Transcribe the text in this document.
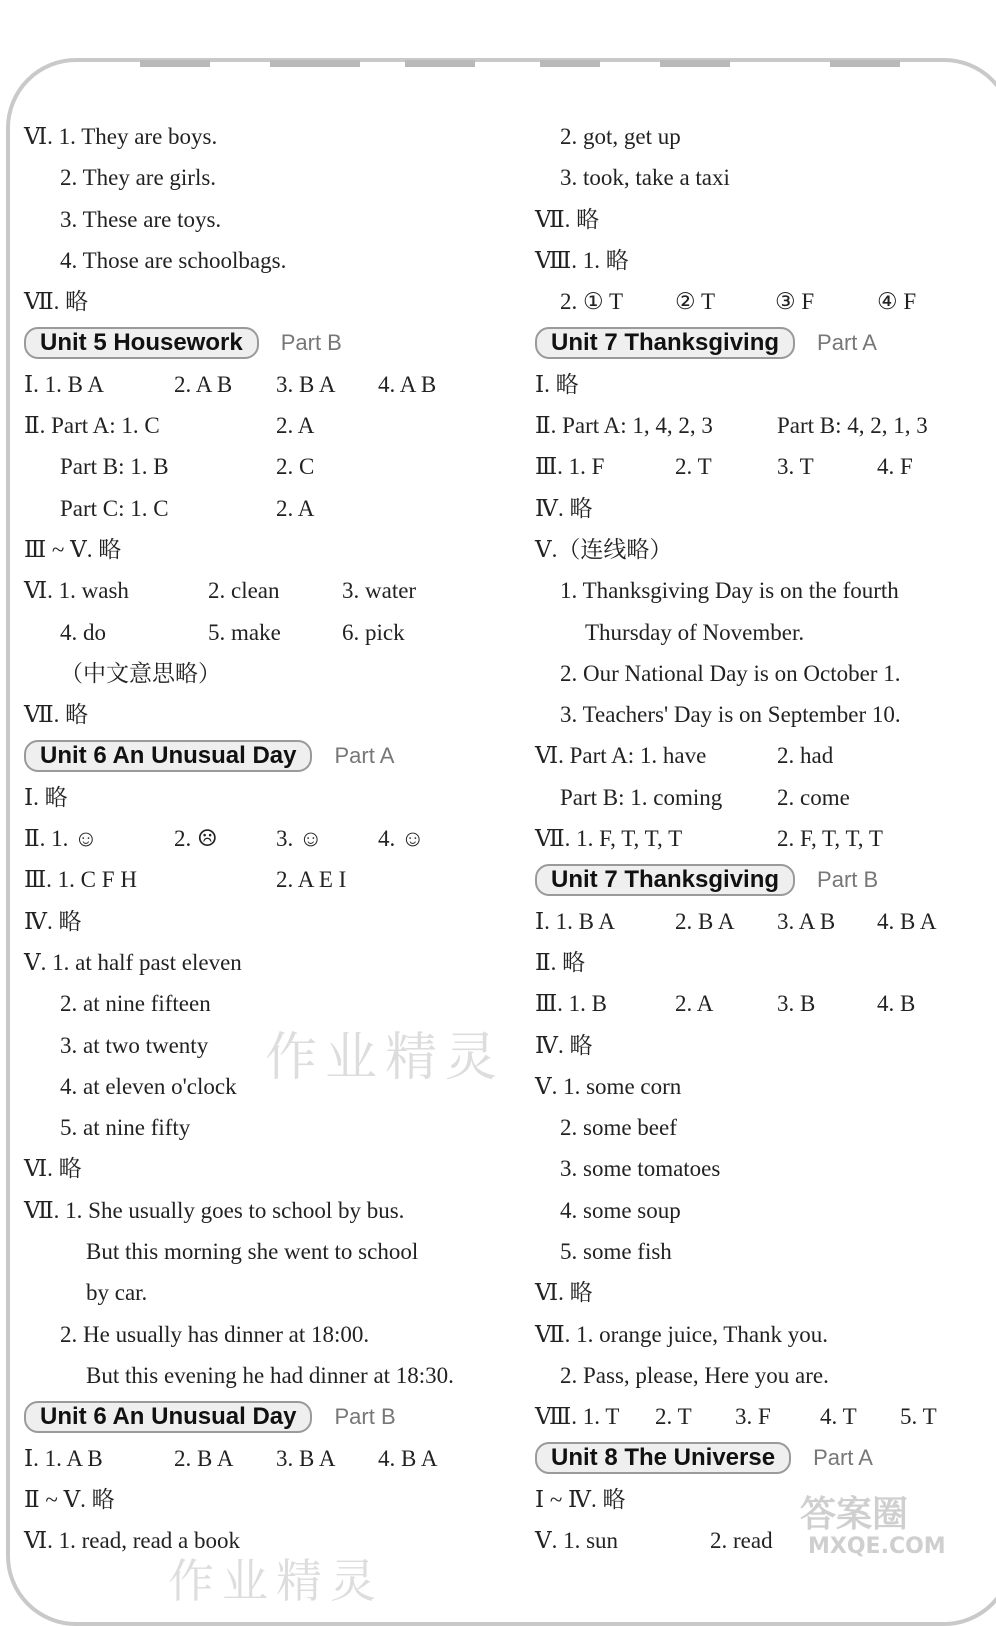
Ⅵ. 1. They are boys.
2. They are girls.
3. These are toys.
4. Those are schoolbags.
Ⅶ. 略
Unit 5 Housework	Part B
Ⅰ. 1. B A	2. A B 3. B A 4. A B
Ⅱ. Part A: 1. C	2. A
Part B: 1. B	2. C
Part C: 1. C	2. A
Ⅲ ~ Ⅴ. 略
Ⅵ. 1. wash	2. clean	3. water
4. do	5. make	6. pick
（中文意思略）
Ⅶ. 略
Unit 6 An Unusual Day	Part A
Ⅰ. 略
Ⅱ. 1. ☺	2. ☹	3. ☺ 4. ☺
Ⅲ. 1. C F H	2. A E I
Ⅳ. 略
Ⅴ. 1. at half past eleven
2. at nine fifteen
3. at two twenty
4. at eleven o'clock
5. at nine fifty
Ⅵ. 略
Ⅶ. 1. She usually goes to school by bus.
But this morning she went to school
by car.
2. He usually has dinner at 18:00.
But this evening he had dinner at 18:30.
Unit 6 An Unusual Day	Part B
Ⅰ. 1. A B	2. B A 3. B A 4. B A
Ⅱ ~ Ⅴ. 略
Ⅵ. 1. read, read a book
2. got, get up
3. took, take a taxi
Ⅶ. 略
Ⅷ. 1. 略
2. ① T ② T	③ F	④ F
Unit 7 Thanksgiving	Part A
Ⅰ. 略
Ⅱ. Part A: 1, 4, 2, 3	Part B: 4, 2, 1, 3
Ⅲ. 1. F	2. T	3. T	4. F
Ⅳ. 略
Ⅴ.（连线略）
1. Thanksgiving Day is on the fourth
Thursday of November.
2. Our National Day is on October 1.
3. Teachers' Day is on September 10.
Ⅵ. Part A: 1. have	2. had
Part B: 1. coming 2. come
Ⅶ. 1. F, T, T, T	2. F, T, T, T
Unit 7 Thanksgiving	Part B
Ⅰ. 1. B A	2. B A 3. A B 4. B A
Ⅱ. 略
Ⅲ. 1. B	2. A	3. B	4. B
Ⅳ. 略
Ⅴ. 1. some corn
2. some beef
3. some tomatoes
4. some soup
5. some fish
Ⅵ. 略
Ⅶ. 1. orange juice, Thank you.
2. Pass, please, Here you are.
Ⅷ. 1. T 2. T 3. F 4. T 5. T
Unit 8 The Universe	Part A
Ⅰ ~ Ⅳ. 略
Ⅴ. 1. sun	2. read
作业精灵
作业精灵
答案圈
MXQE.COM
